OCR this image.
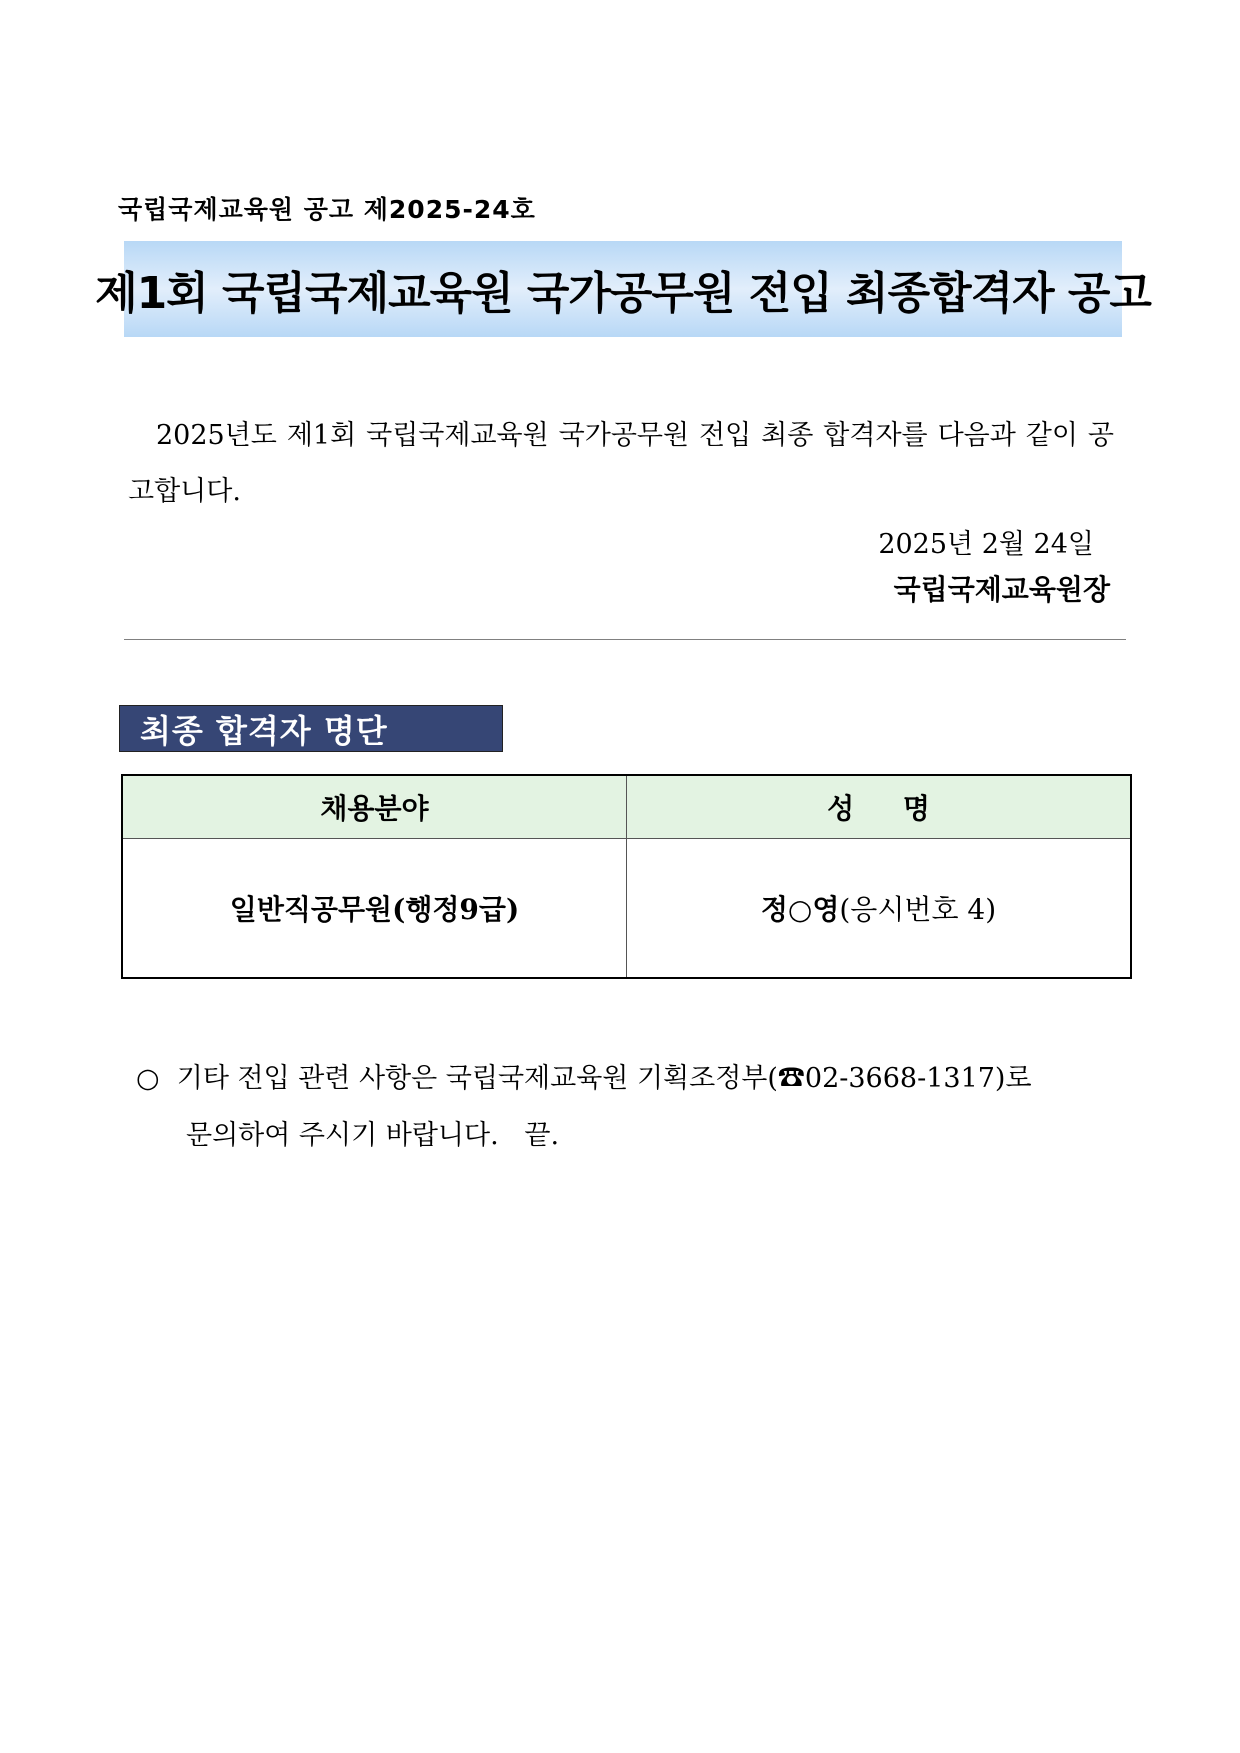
국립국제교육원 공고 제2025-24호
제1회 국립국제교육원 국가공무원 전입 최종합격자 공고
2025년도 제1회 국립국제교육원 국가공무원 전입 최종 합격자를 다음과 같이 공고합니다.
2025년 2월 24일
국립국제교육원장
최종 합격자 명단
채용분야	성     명
일반직공무원(행정9급)	정○영(응시번호 4)
○ 기타 전입 관련 사항은 국립국제교육원 기획조정부(☎02-3668-1317)로
문의하여 주시기 바랍니다.   끝.
